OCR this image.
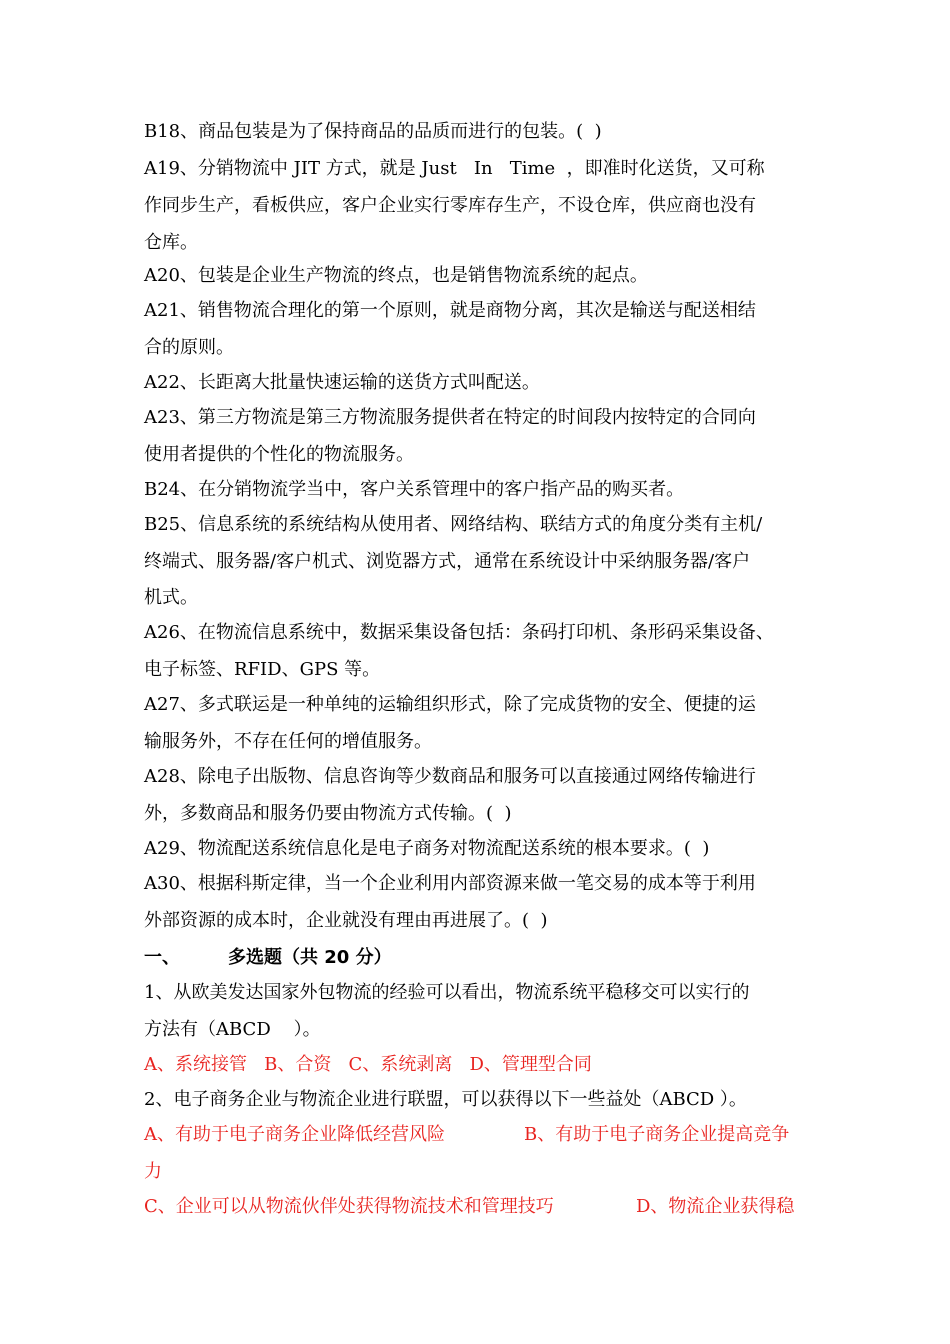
B18、商品包装是为了保持商品的品质而进行的包装。(  )
A19、分销物流中 JIT 方式，就是 Just   In   Time  ，即准时化送货，又可称
作同步生产，看板供应，客户企业实行零库存生产，不设仓库，供应商也没有
仓库。
A20、包装是企业生产物流的终点，也是销售物流系统的起点。
A21、销售物流合理化的第一个原则，就是商物分离，其次是输送与配送相结
合的原则。
A22、长距离大批量快速运输的送货方式叫配送。
A23、第三方物流是第三方物流服务提供者在特定的时间段内按特定的合同向
使用者提供的个性化的物流服务。
B24、在分销物流学当中，客户关系管理中的客户指产品的购买者。
B25、信息系统的系统结构从使用者、网络结构、联结方式的角度分类有主机/
终端式、服务器/客户机式、浏览器方式，通常在系统设计中采纳服务器/客户
机式。
A26、在物流信息系统中，数据采集设备包括：条码打印机、条形码采集设备、
电子标签、RFID、GPS 等。
A27、多式联运是一种单纯的运输组织形式，除了完成货物的安全、便捷的运
输服务外，不存在任何的增值服务。
A28、除电子出版物、信息咨询等少数商品和服务可以直接通过网络传输进行
外，多数商品和服务仍要由物流方式传输。(  )
A29、物流配送系统信息化是电子商务对物流配送系统的根本要求。(  )
A30、根据科斯定律，当一个企业利用内部资源来做一笔交易的成本等于利用
外部资源的成本时，企业就没有理由再进展了。(  )
一、	多选题（共 20 分）
1、从欧美发达国家外包物流的经验可以看出，物流系统平稳移交可以实行的
方法有（ABCD    ）。
A、系统接管   B、合资   C、系统剥离   D、管理型合同
2、电子商务企业与物流企业进行联盟，可以获得以下一些益处（ABCD ）。
A、有助于电子商务企业降低经营风险	B、有助于电子商务企业提高竞争
力
C、企业可以从物流伙伴处获得物流技术和管理技巧	D、物流企业获得稳
